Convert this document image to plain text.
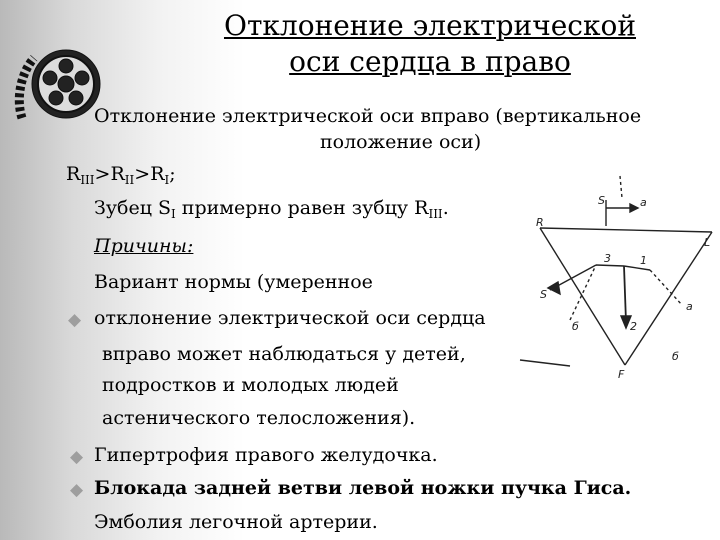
Отклонение электрической
оси сердца в право
Отклонение электрической оси вправо (вертикальное
положение оси)
$R_{III}>R_{II}>R_I$;
Зубец $S_I$ примерно равен зубцу $R_{III}$.
Причины:
Вариант нормы (умеренное
◆ отклонение электрической оси сердца
вправо может наблюдаться у детей,
подростков и молодых людей
астенического телосложения).
◆ Гипертрофия правого желудочка.
◆ Блокада задней ветви левой ножки пучка Гиса.
Эмболия легочной артерии.
R
L
F
1
2
3
S
S	a
a
б
б
